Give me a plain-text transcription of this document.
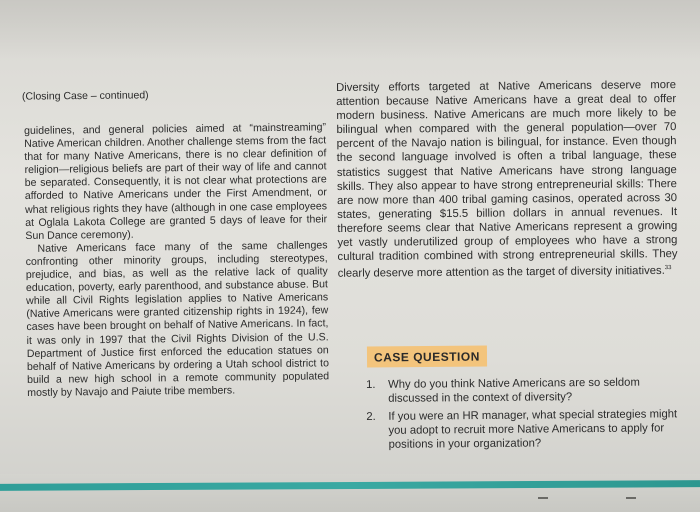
(Closing Case – continued)

guidelines, and general policies aimed at “mainstreaming” Native American children. Another challenge stems from the fact that for many Native Americans, there is no clear definition of religion—religious beliefs are part of their way of life and cannot be separated. Consequently, it is not clear what protections are afforded to Native Americans under the First Amendment, or what religious rights they have (although in one case employees at Oglala Lakota College are granted 5 days of leave for their Sun Dance ceremony).

Native Americans face many of the same challenges confronting other minority groups, including stereotypes, prejudice, and bias, as well as the relative lack of quality education, poverty, early parenthood, and substance abuse. But while all Civil Rights legislation applies to Native Americans (Native Americans were granted citizenship rights in 1924), few cases have been brought on behalf of Native Americans. In fact, it was only in 1997 that the Civil Rights Division of the U.S. Department of Justice first enforced the education statues on behalf of Native Americans by ordering a Utah school district to build a new high school in a remote community populated mostly by Navajo and Paiute tribe members.

Diversity efforts targeted at Native Americans deserve more attention because Native Americans have a great deal to offer modern business. Native Americans are much more likely to be bilingual when compared with the general population—over 70 percent of the Navajo nation is bilingual, for instance. Even though the second language involved is often a tribal language, these statistics suggest that Native Americans have strong language skills. They also appear to have strong entrepreneurial skills: There are now more than 400 tribal gaming casinos, operated across 30 states, generating $15.5 billion dollars in annual revenues. It therefore seems clear that Native Americans represent a growing yet vastly underutilized group of employees who have a strong cultural tradition combined with strong entrepreneurial skills. They clearly deserve more attention as the target of diversity initiatives.$^{33}$

CASE QUESTION
1.	Why do you think Native Americans are so seldom discussed in the context of diversity?
2.	If you were an HR manager, what special strategies might you adopt to recruit more Native Americans to apply for positions in your organization?
